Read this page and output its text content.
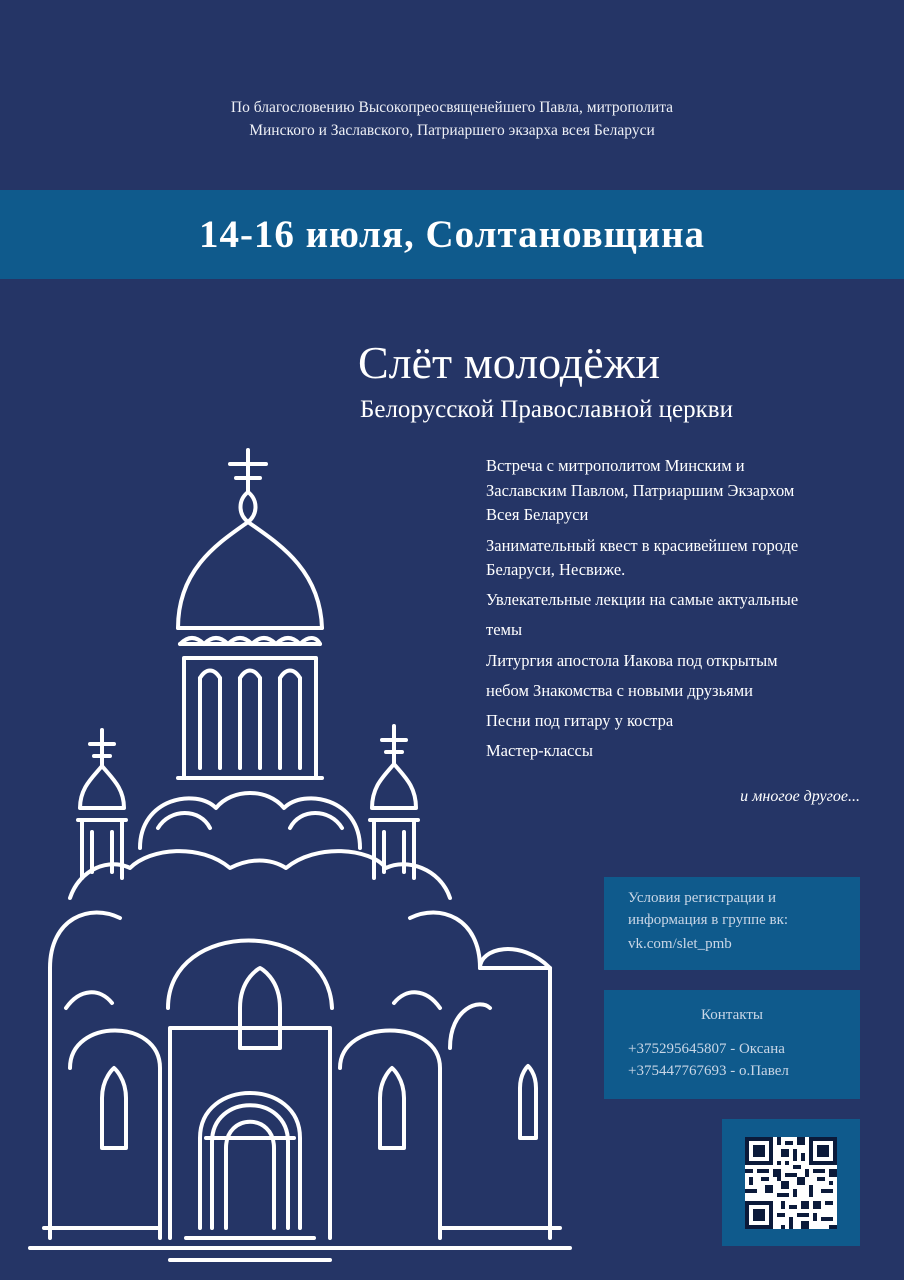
По благословению Высокопреосвященейшего Павла, митрополита
Минского и Заславского, Патриаршего экзарха всея Беларуси
14-16 июля, Солтановщина
Слёт молодёжи
Белорусской Православной церкви
Встреча с митрополитом Минским и
Заславским Павлом, Патриаршим Экзархом
Всея Беларуси
Занимательный квест в красивейшем городе
Беларуси, Несвиже.
Увлекательные лекции на самые актуальные
темы
Литургия апостола Иакова под открытым
небом Знакомства с новыми друзьями
Песни под гитару у костра
Мастер-классы
и многое другое...
Условия регистрации и
информация в группе вк:
vk.com/slet_pmb
Контакты
+375295645807 - Оксана
+375447767693 - о.Павел
